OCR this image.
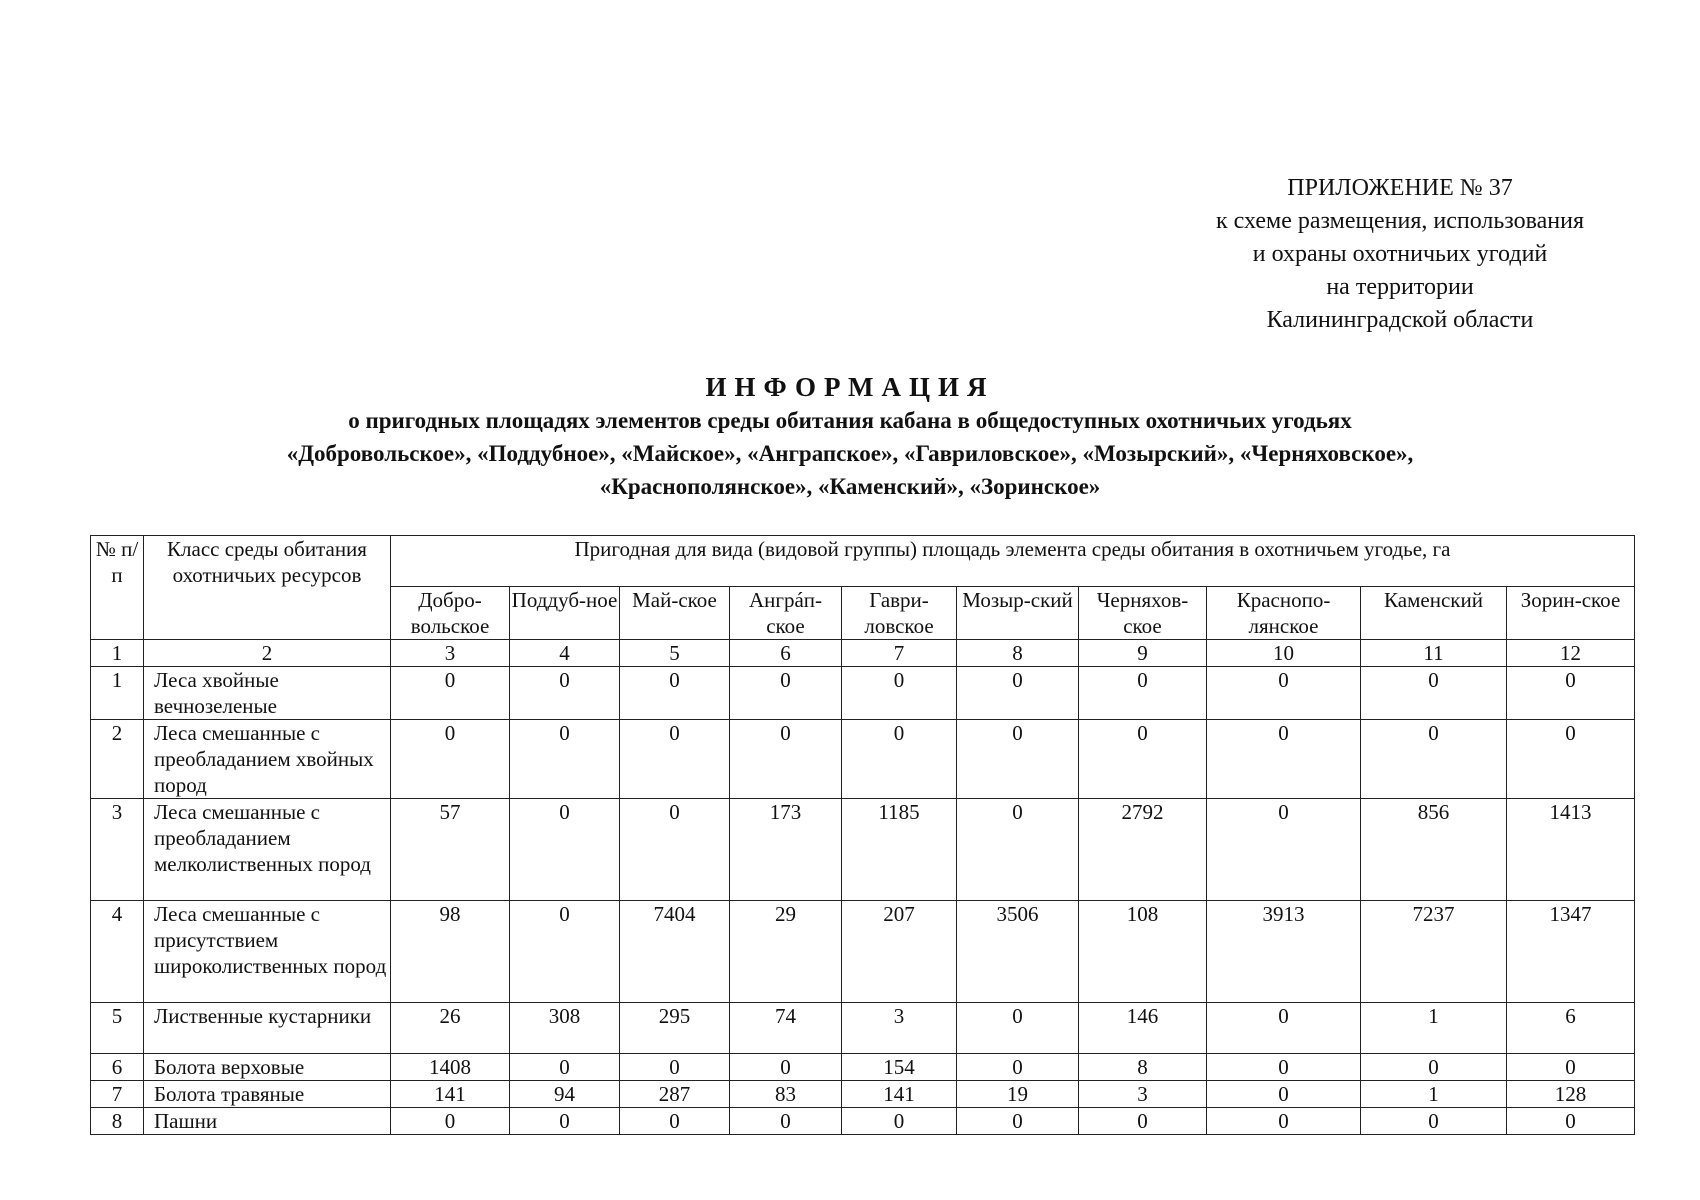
ПРИЛОЖЕНИЕ № 37
к схеме размещения, использования
и охраны охотничьих угодий
на территории
Калининградской области
ИНФОРМАЦИЯ
о пригодных площадях элементов среды обитания кабана в общедоступных охотничьих угодьях
«Добровольское», «Поддубное», «Майское», «Анграпское», «Гавриловское», «Мозырский», «Черняховское»,
«Краснополянское», «Каменский», «Зоринское»
№ п/п	Класс среды обитания охотничьих ресурсов	Пригодная для вида (видовой группы) площадь элемента среды обитания в охотничьем угодье, га									
		Добро-вольское	Поддуб-ное	Май-ское	Ангрáп-ское	Гаври-ловское	Мозыр-ский	Черняхов-ское	Краснопо-лянское	Каменский	Зорин-ское
1	2	3	4	5	6	7	8	9	10	11	12
1	Леса хвойные вечнозеленые	0	0	0	0	0	0	0	0	0	0
2	Леса смешанные с преобладанием хвойных пород	0	0	0	0	0	0	0	0	0	0
3	Леса смешанные с преобладанием мелколиственных пород	57	0	0	173	1185	0	2792	0	856	1413
4	Леса смешанные с присутствием широколиственных пород	98	0	7404	29	207	3506	108	3913	7237	1347
5	Лиственные кустарники	26	308	295	74	3	0	146	0	1	6
6	Болота верховые	1408	0	0	0	154	0	8	0	0	0
7	Болота травяные	141	94	287	83	141	19	3	0	1	128
8	Пашни	0	0	0	0	0	0	0	0	0	0
